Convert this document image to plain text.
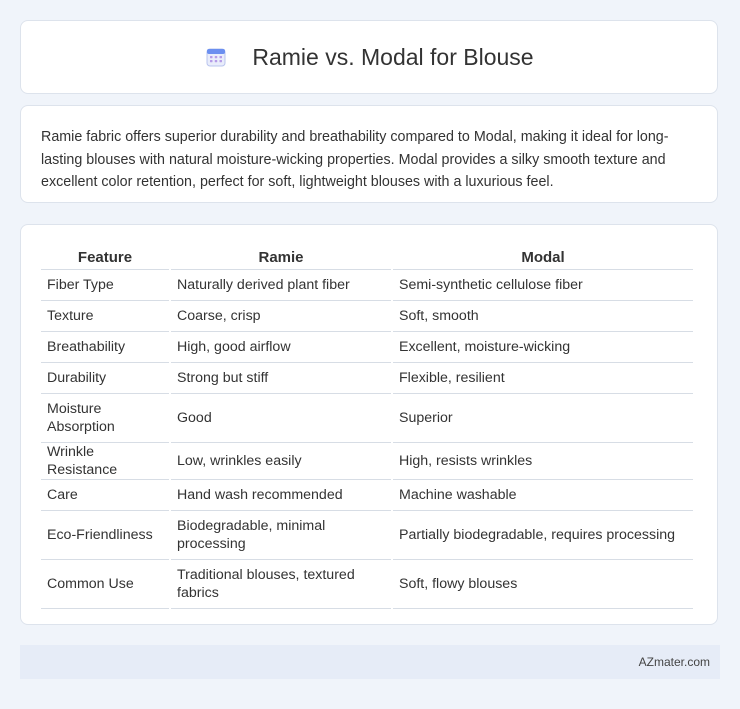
Ramie vs. Modal for Blouse

Ramie fabric offers superior durability and breathability compared to Modal, making it ideal for long-lasting blouses with natural moisture-wicking properties. Modal provides a silky smooth texture and excellent color retention, perfect for soft, lightweight blouses with a luxurious feel.

Feature	Ramie	Modal
Fiber Type	Naturally derived plant fiber	Semi-synthetic cellulose fiber
Texture	Coarse, crisp	Soft, smooth
Breathability	High, good airflow	Excellent, moisture-wicking
Durability	Strong but stiff	Flexible, resilient
Moisture Absorption	Good	Superior
Wrinkle Resistance	Low, wrinkles easily	High, resists wrinkles
Care	Hand wash recommended	Machine washable
Eco-Friendliness	Biodegradable, minimal processing	Partially biodegradable, requires processing
Common Use	Traditional blouses, textured fabrics	Soft, flowy blouses
AZmater.com
